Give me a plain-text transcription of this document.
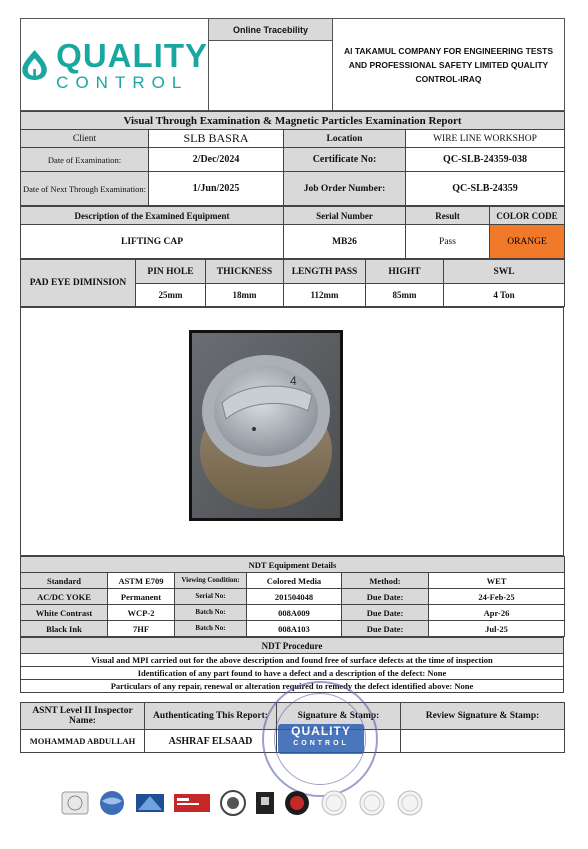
QUALITY
CONTROL
	Online Tracebility	Al TAKAMUL COMPANY FOR ENGINEERING TESTS AND PROFESSIONAL SAFETY LIMITED QUALITY CONTROL-IRAQ

Visual Through Examination & Magnetic Particles Examination Report			
Client	SLB BASRA	Location	WIRE LINE WORKSHOP
Date of Examination:	2/Dec/2024	Certificate No:	QC-SLB-24359-038
Date of Next Through Examination:	1/Jun/2025	Job Order Number:	QC-SLB-24359
Description of the Examined Equipment	Serial Number	Result	COLOR CODE
LIFTING CAP	MB26	Pass	ORANGE
PAD EYE DIMINSION	PIN HOLE	THICKNESS	LENGTH PASS	HIGHT	SWL
	25mm	18mm	112mm	85mm	4 Ton
4
NDT Equipment Details					
Standard	ASTM E709	Viewing Condition:	Colored Media	Method:	WET
AC/DC YOKE	Permanent	Serial No:	201504048	Due Date:	24-Feb-25
White Contrast	WCP-2	Batch No:	008A009	Due Date:	Apr-26
Black Ink	7HF	Batch No:	008A103	Due Date:	Jul-25
NDT Procedure
Visual and MPI carried out for the above description and found free of surface defects at the time of inspection
Identification of any part found to have a defect and a description of the defect: None
Particulars of any repair, renewal or alteration required to remedy the defect identified above: None
ASNT Level II Inspector Name:	Authenticating This Report:	Signature & Stamp:	Review Signature & Stamp:
MOHAMMAD ABDULLAH	ASHRAF ELSAAD		
QUALITY
CONTROL
